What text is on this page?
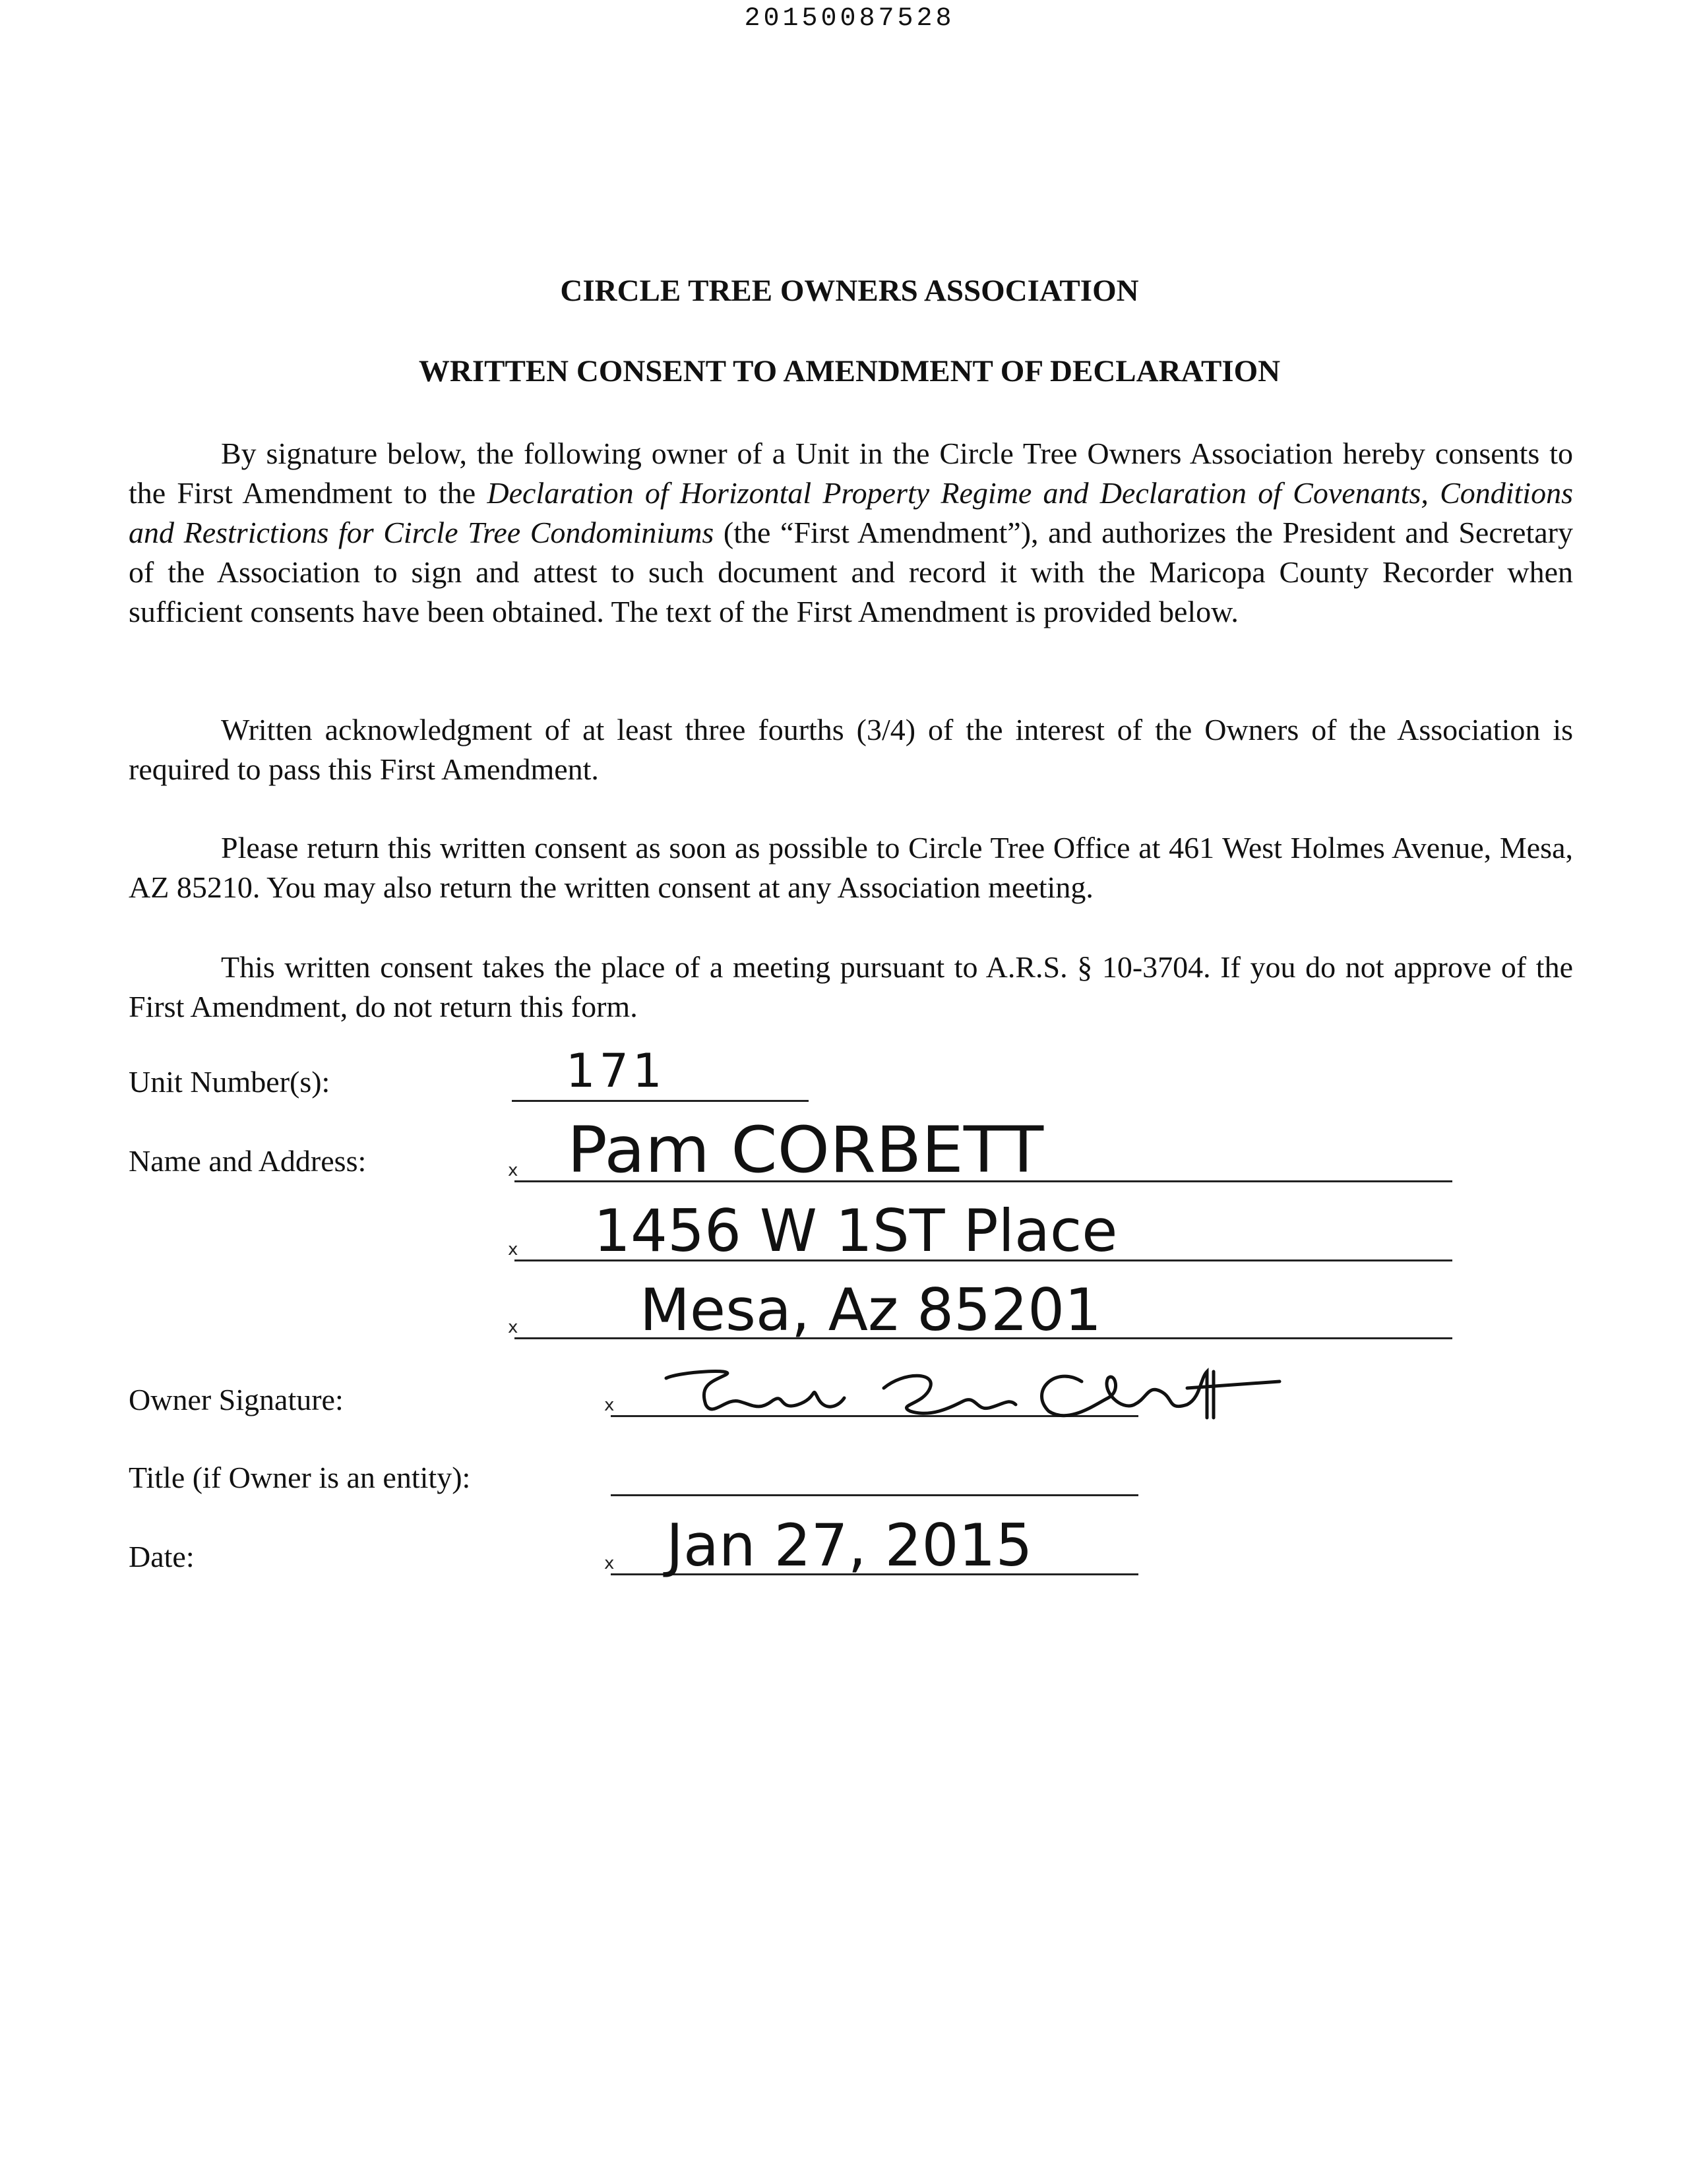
20150087528
CIRCLE TREE OWNERS ASSOCIATION
WRITTEN CONSENT TO AMENDMENT OF DECLARATION

By signature below, the following owner of a Unit in the Circle Tree Owners Association hereby consents to the First Amendment to the Declaration of Horizontal Property Regime and Declaration of Covenants, Conditions and Restrictions for Circle Tree Condominiums (the “First Amendment”), and authorizes the President and Secretary of the Association to sign and attest to such document and record it with the Maricopa County Recorder when sufficient consents have been obtained. The text of the First Amendment is provided below.

Written acknowledgment of at least three fourths (3/4) of the interest of the Owners of the Association is required to pass this First Amendment.

Please return this written consent as soon as possible to Circle Tree Office at 461 West Holmes Avenue, Mesa, AZ 85210. You may also return the written consent at any Association meeting.

This written consent takes the place of a meeting pursuant to A.R.S. § 10-3704. If you do not approve of the First Amendment, do not return this form.

Unit Number(s):
Name and Address:
Owner Signature:
Title (if Owner is an entity):
Date:
171
x Pam CORBETT
x 1456 W 1ST Place
x Mesa, Az 85201
x
x Jan 27, 2015
